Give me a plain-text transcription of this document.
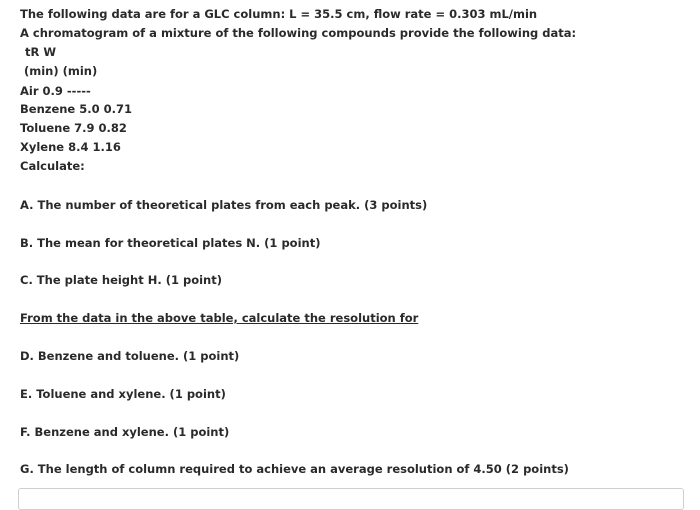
The following data are for a GLC column: L = 35.5 cm, flow rate = 0.303 mL/min
A chromatogram of a mixture of the following compounds provide the following data:
tR W
(min) (min)
Air 0.9 -----
Benzene 5.0 0.71
Toluene 7.9 0.82
Xylene 8.4 1.16
Calculate:
A. The number of theoretical plates from each peak. (3 points)
B. The mean for theoretical plates N. (1 point)
C. The plate height H. (1 point)
From the data in the above table, calculate the resolution for
D. Benzene and toluene. (1 point)
E. Toluene and xylene. (1 point)
F. Benzene and xylene. (1 point)
G. The length of column required to achieve an average resolution of 4.50 (2 points)
